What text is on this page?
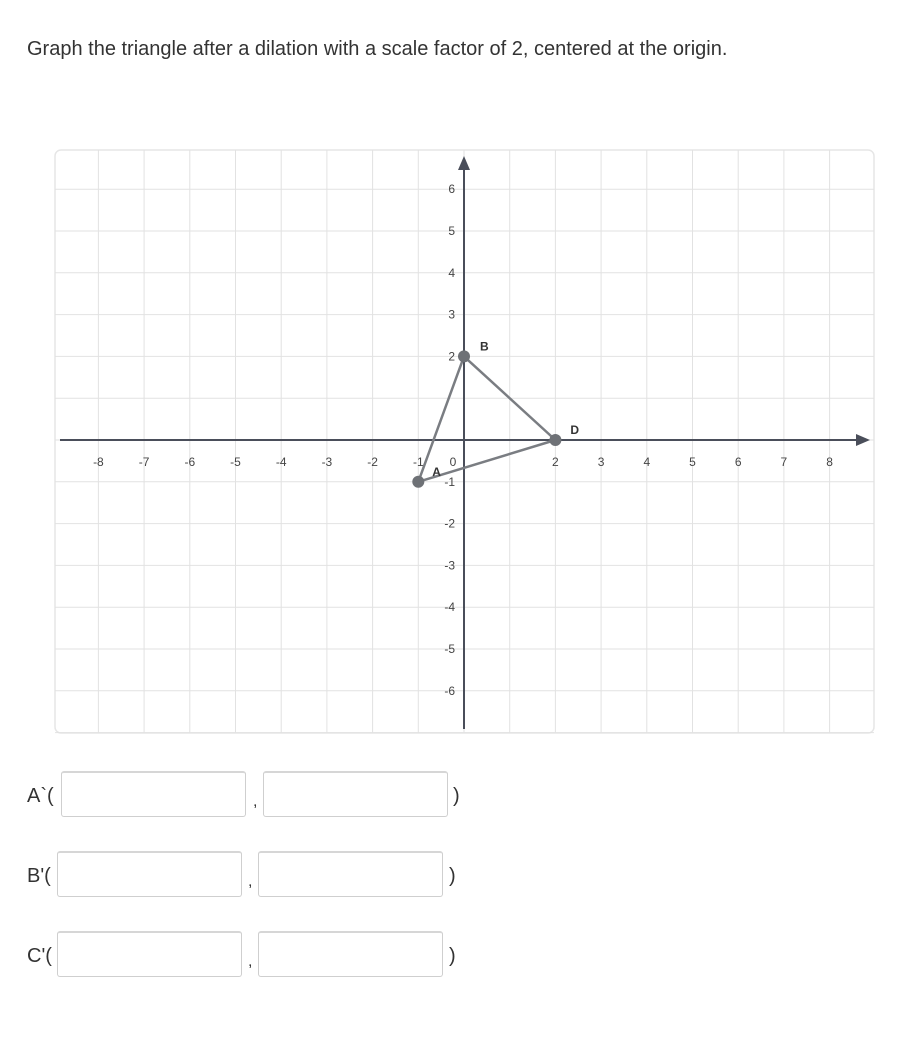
Graph the triangle after a dilation with a scale factor of 2, centered at the origin.
-8	-7	-6	-5	-4	-3	-2	-1	2	3	4	5	6	7	8
6
5
4
3
2
-1
-2
-3
-4
-5
-6
0
A
B
D
A`(	,	)
B'(	,	)
C'(	,	)
